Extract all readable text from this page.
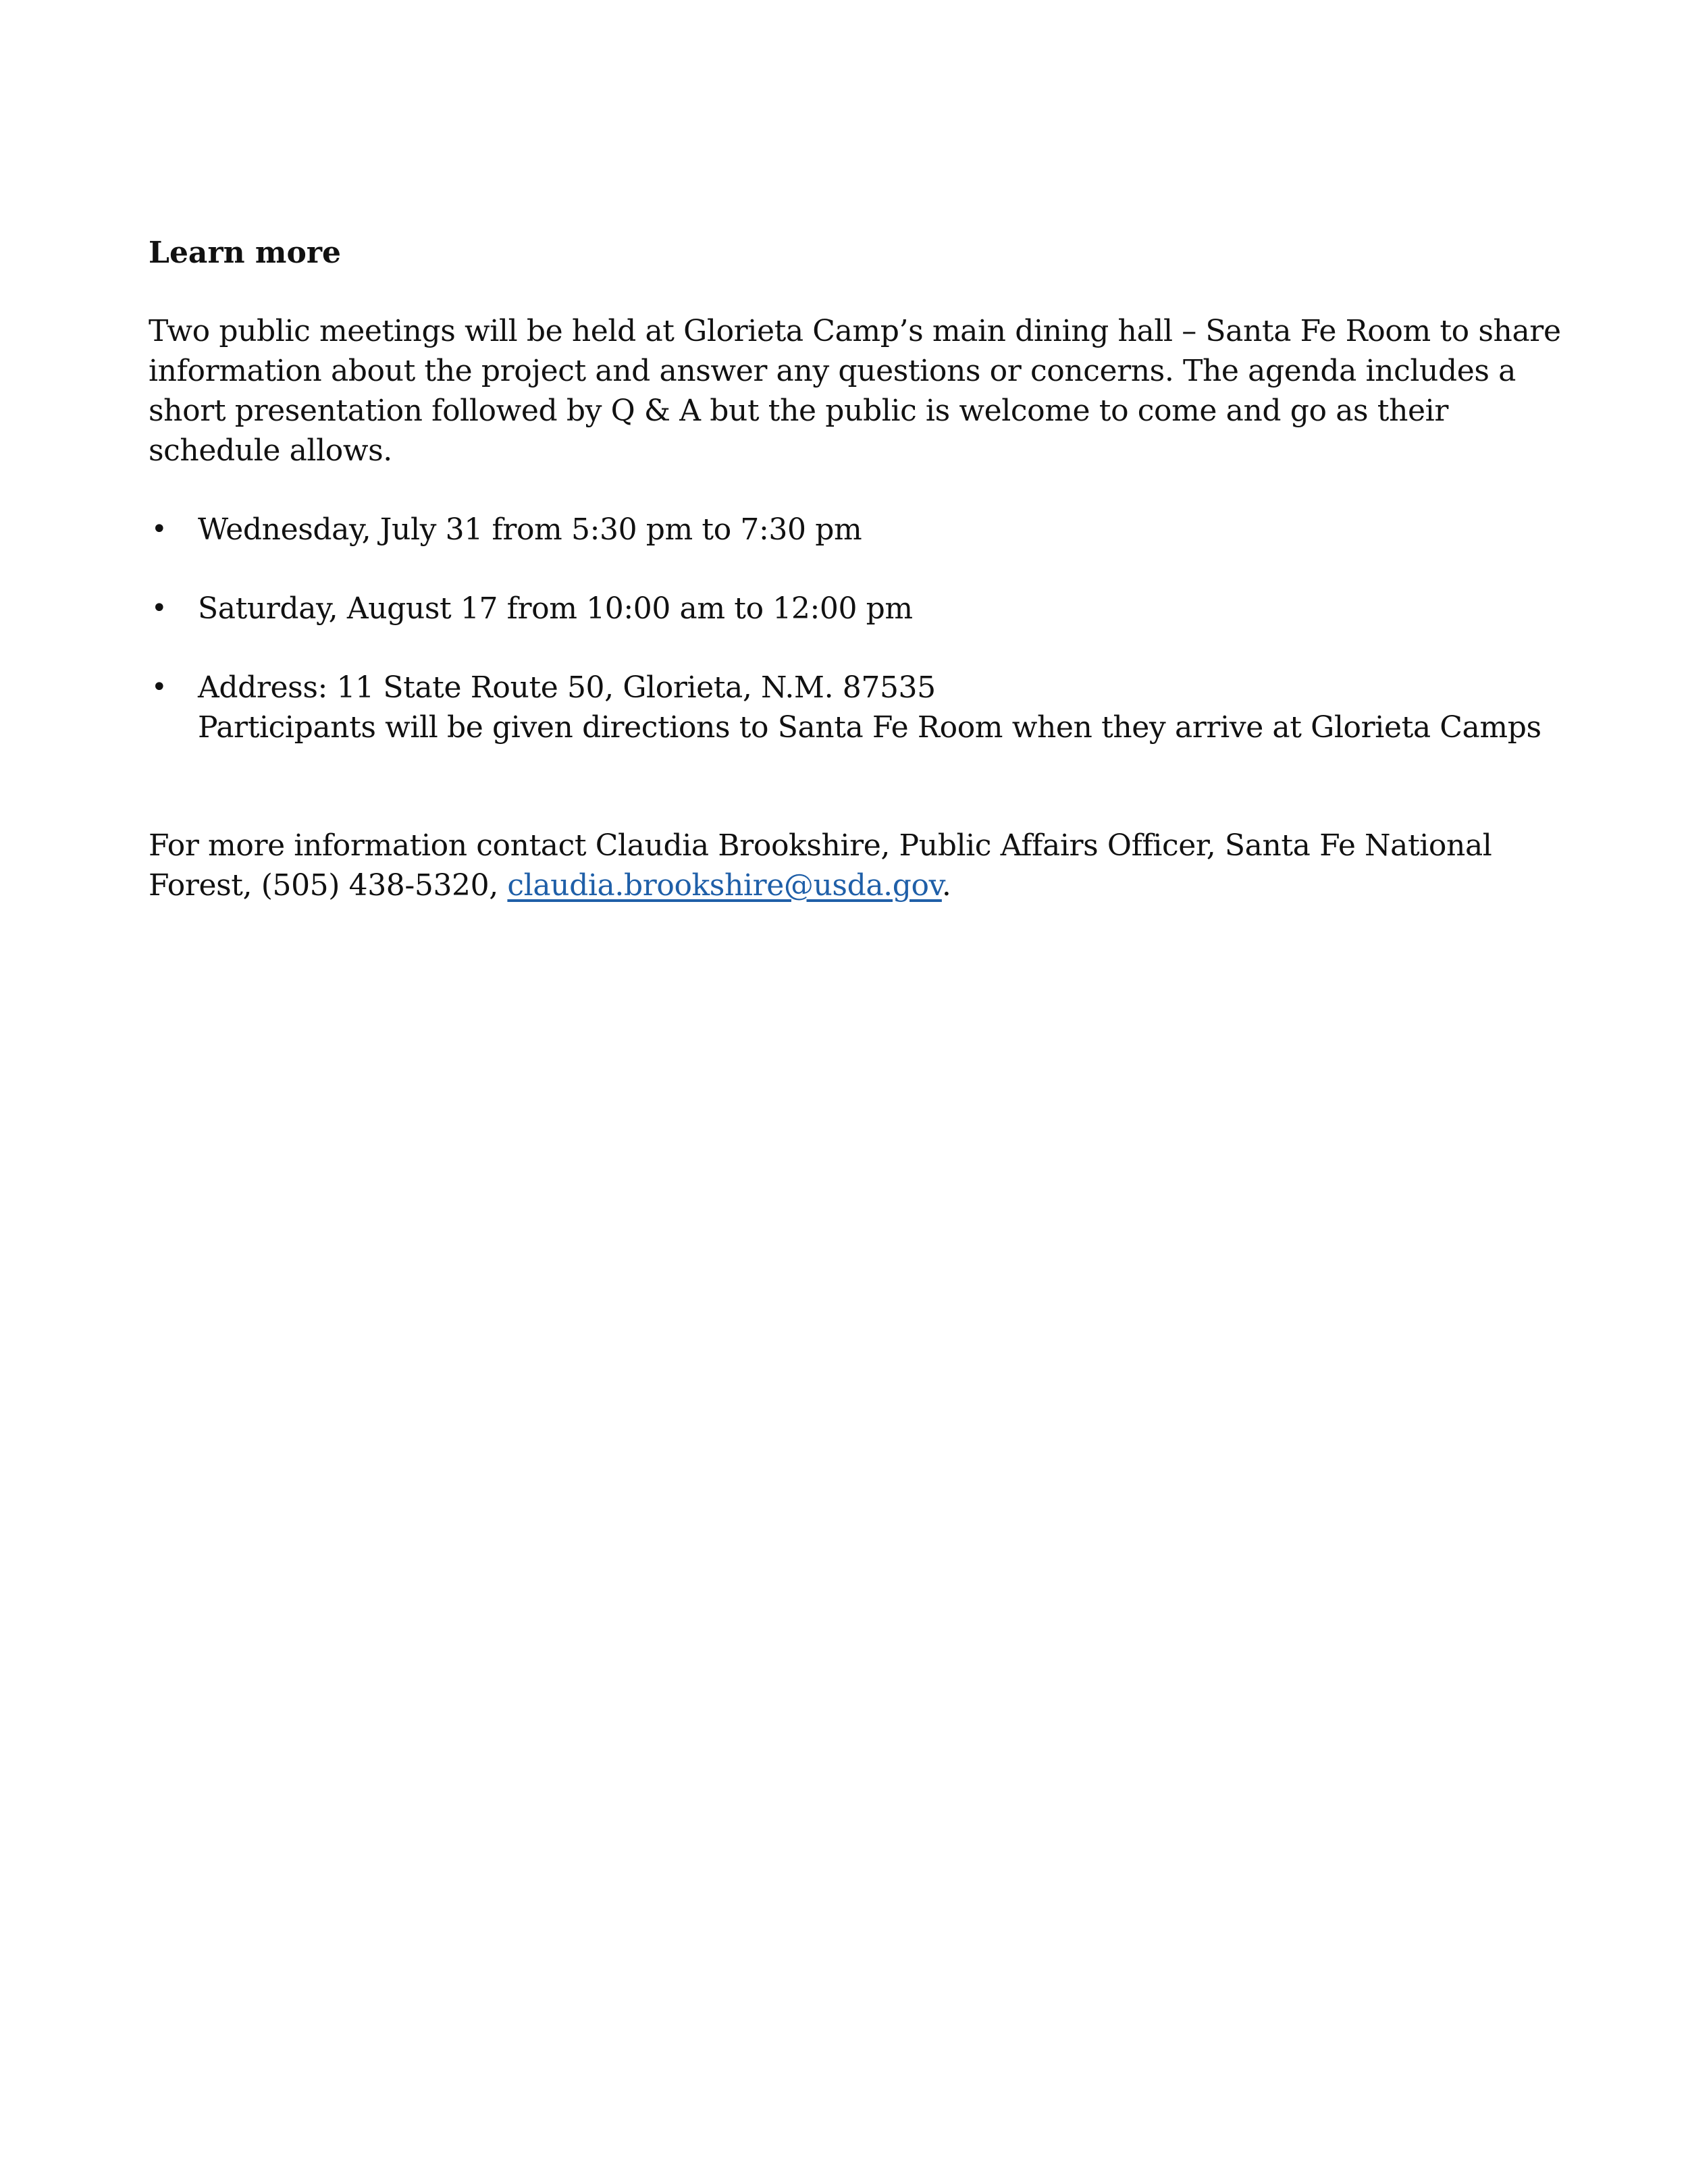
Learn more

Two public meetings will be held at Glorieta Camp’s main dining hall – Santa Fe Room to share information about the project and answer any questions or concerns. The agenda includes a short presentation followed by Q & A but the public is welcome to come and go as their schedule allows.

• Wednesday, July 31 from 5:30 pm to 7:30 pm
• Saturday, August 17 from 10:00 am to 12:00 pm
• Address: 11 State Route 50, Glorieta, N.M. 87535
Participants will be given directions to Santa Fe Room when they arrive at Glorieta Camps

For more information contact Claudia Brookshire, Public Affairs Officer, Santa Fe National Forest, (505) 438-5320, claudia.brookshire@usda.gov.
